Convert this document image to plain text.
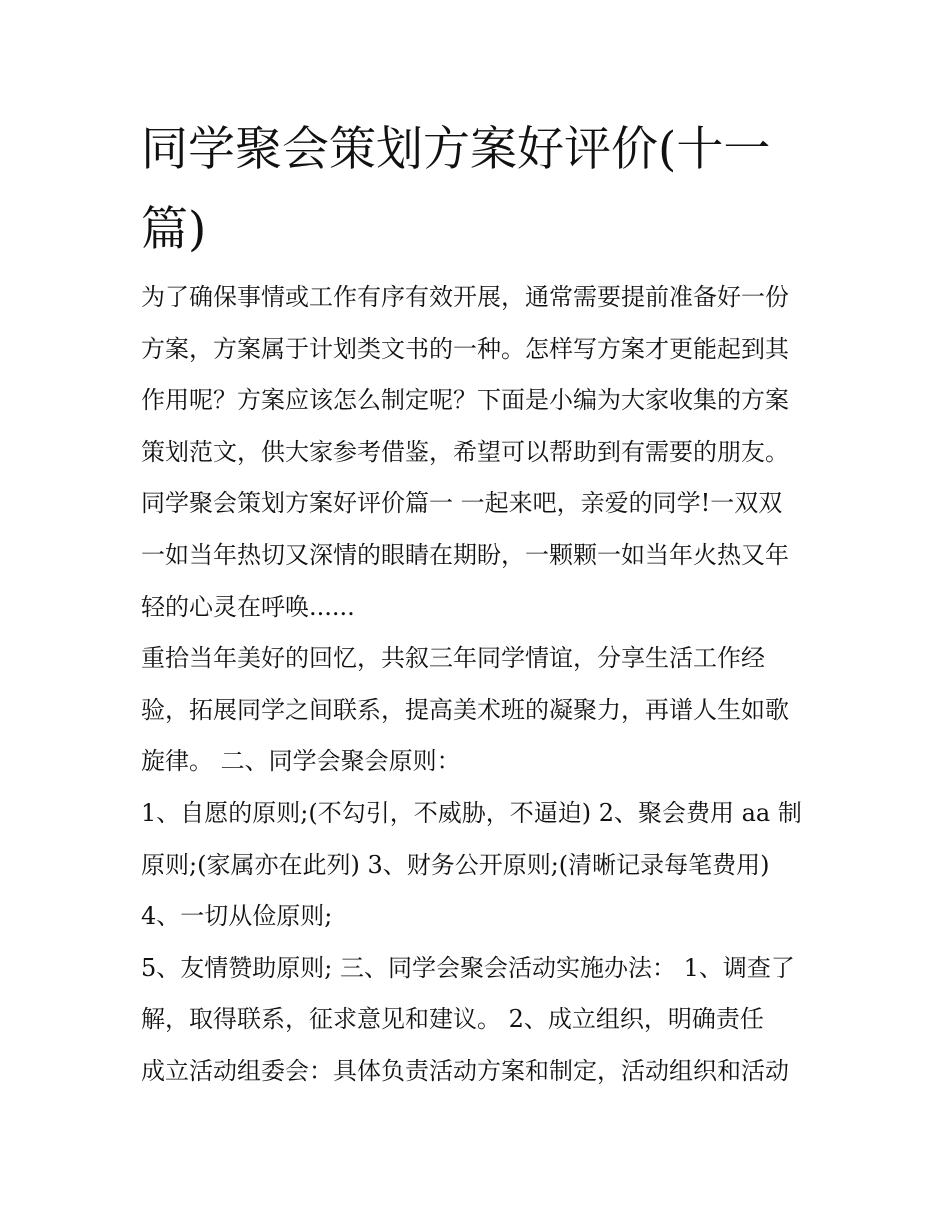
同学聚会策划方案好评价(十一
篇)
为了确保事情或工作有序有效开展，通常需要提前准备好一份
方案，方案属于计划类文书的一种。怎样写方案才更能起到其
作用呢？方案应该怎么制定呢？下面是小编为大家收集的方案
策划范文，供大家参考借鉴，希望可以帮助到有需要的朋友。
同学聚会策划方案好评价篇一 一起来吧，亲爱的同学!一双双
一如当年热切又深情的眼睛在期盼，一颗颗一如当年火热又年
轻的心灵在呼唤......
重拾当年美好的回忆，共叙三年同学情谊，分享生活工作经
验，拓展同学之间联系，提高美术班的凝聚力，再谱人生如歌
旋律。 二、同学会聚会原则：
1、自愿的原则;(不勾引，不威胁，不逼迫) 2、聚会费用 aa 制
原则;(家属亦在此列) 3、财务公开原则;(清晰记录每笔费用)
4、一切从俭原则;
5、友情赞助原则; 三、同学会聚会活动实施办法： 1、调查了
解，取得联系，征求意见和建议。 2、成立组织，明确责任
成立活动组委会：具体负责活动方案和制定，活动组织和活动
